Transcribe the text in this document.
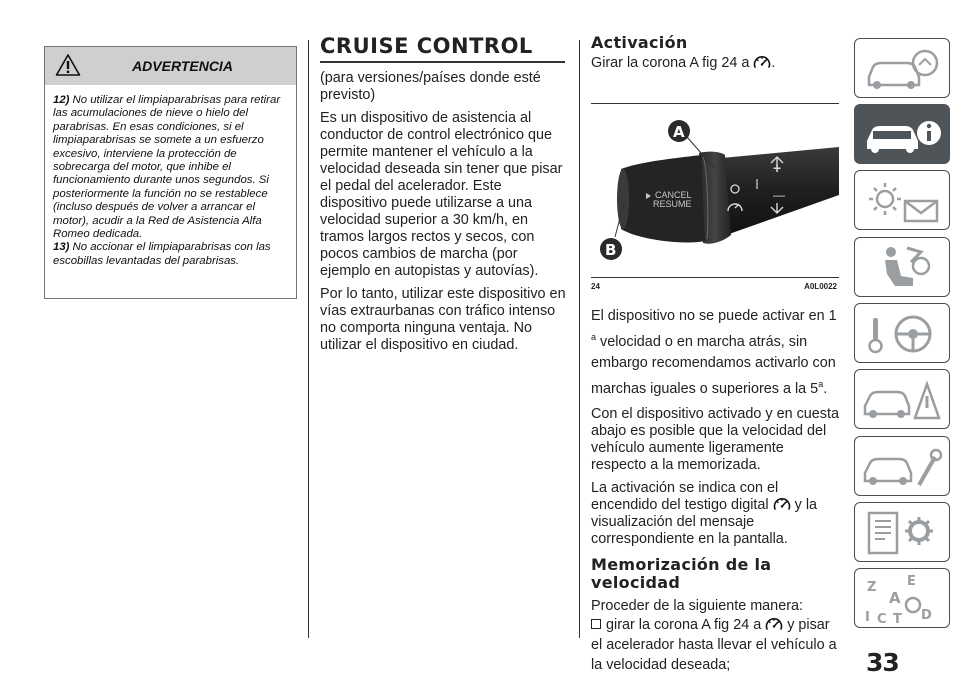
ADVERTENCIA

12) No utilizar el limpiaparabrisas para retirar las acumulaciones de nieve o hielo del parabrisas. En esas condiciones, si el limpiaparabrisas se somete a un esfuerzo excesivo, interviene la protección de sobrecarga del motor, que inhibe el funcionamiento durante unos segundos. Si posteriormente la función no se restablece (incluso después de volver a arrancar el motor), acudir a la Red de Asistencia Alfa Romeo dedicada.

13) No accionar el limpiaparabrisas con las escobillas levantadas del parabrisas.

CRUISE CONTROL

(para versiones/países donde esté previsto)

Es un dispositivo de asistencia al conductor de control electrónico que permite mantener el vehículo a la velocidad deseada sin tener que pisar el pedal del acelerador. Este dispositivo puede utilizarse a una velocidad superior a 30 km/h, en tramos largos rectos y secos, con pocos cambios de marcha (por ejemplo en autopistas y autovías).

Por lo tanto, utilizar este dispositivo en vías extraurbanas con tráfico intenso no comporta ninguna ventaja. No utilizar el dispositivo en ciudad.

Activación

Girar la corona A fig 24 a .

CANCEL
RESUME
+
—
A
B
24	A0L0022

El dispositivo no se puede activar en 1 $^a$ velocidad o en marcha atrás, sin embargo recomendamos activarlo con marchas iguales o superiores a la 5$^a$.

Con el dispositivo activado y en cuesta abajo es posible que la velocidad del vehículo aumente ligeramente respecto a la memorizada.

La activación se indica con el encendido del testigo digital y la visualización del mensaje correspondiente en la pantalla.

Memorización de la
velocidad

Proceder de la siguiente manera:

girar la corona A fig 24 a y pisar el acelerador hasta llevar el vehículo a la velocidad deseada;

Z E
A
I C T D
33
